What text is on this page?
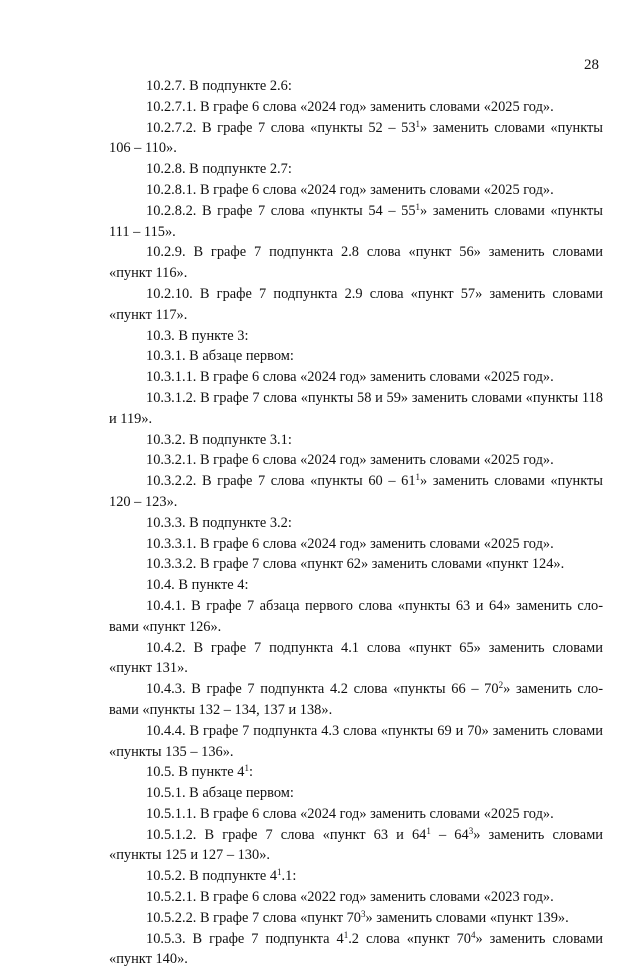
28

10.2.7. В подпункте 2.6:

10.2.7.1. В графе 6 слова «2024 год» заменить словами «2025 год».

10.2.7.2. В графе 7 слова «пункты $52 - 53^1$» заменить словами «пункты 106 – 110».

10.2.8. В подпункте 2.7:

10.2.8.1. В графе 6 слова «2024 год» заменить словами «2025 год».

10.2.8.2. В графе 7 слова «пункты $54 - 55^1$» заменить словами «пункты 111 – 115».

10.2.9. В графе 7 подпункта 2.8 слова «пункт 56» заменить словами «пункт 116».

10.2.10. В графе 7 подпункта 2.9 слова «пункт 57» заменить словами «пункт 117».

10.3. В пункте 3:

10.3.1. В абзаце первом:

10.3.1.1. В графе 6 слова «2024 год» заменить словами «2025 год».

10.3.1.2. В графе 7 слова «пункты 58 и 59» заменить словами «пункты 118 и 119».

10.3.2. В подпункте 3.1:

10.3.2.1. В графе 6 слова «2024 год» заменить словами «2025 год».

10.3.2.2. В графе 7 слова «пункты $60 - 61^1$» заменить словами «пункты 120 – 123».

10.3.3. В подпункте 3.2:

10.3.3.1. В графе 6 слова «2024 год» заменить словами «2025 год».

10.3.3.2. В графе 7 слова «пункт 62» заменить словами «пункт 124».

10.4. В пункте 4:

10.4.1. В графе 7 абзаца первого слова «пункты 63 и 64» заменить словами «пункт 126».

10.4.2. В графе 7 подпункта 4.1 слова «пункт 65» заменить словами «пункт 131».

10.4.3. В графе 7 подпункта 4.2 слова «пункты $66 - 70^2$» заменить словами «пункты 132 – 134, 137 и 138».

10.4.4. В графе 7 подпункта 4.3 слова «пункты 69 и 70» заменить словами «пункты 135 – 136».

10.5. В пункте $4^1$:

10.5.1. В абзаце первом:

10.5.1.1. В графе 6 слова «2024 год» заменить словами «2025 год».

10.5.1.2. В графе 7 слова «пункт 63 и $64^1 - 64^3$» заменить словами «пункты 125 и 127 – 130».

10.5.2. В подпункте $4^1.1$:

10.5.2.1. В графе 6 слова «2022 год» заменить словами «2023 год».

10.5.2.2. В графе 7 слова «пункт $70^3$» заменить словами «пункт 139».

10.5.3. В графе 7 подпункта $4^1.2$ слова «пункт $70^4$» заменить словами «пункт 140».
